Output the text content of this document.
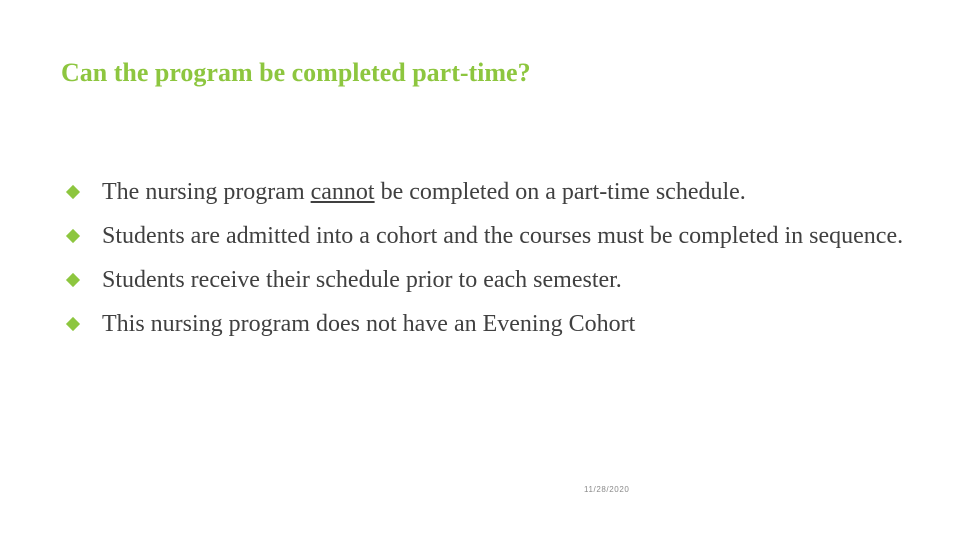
Can the program be completed part-time?
The nursing program cannot be completed on a part-time schedule.
Students are admitted into a cohort and the courses must be completed in sequence.
Students receive their schedule prior to each semester.
This nursing program does not have an Evening Cohort
11/28/2020
